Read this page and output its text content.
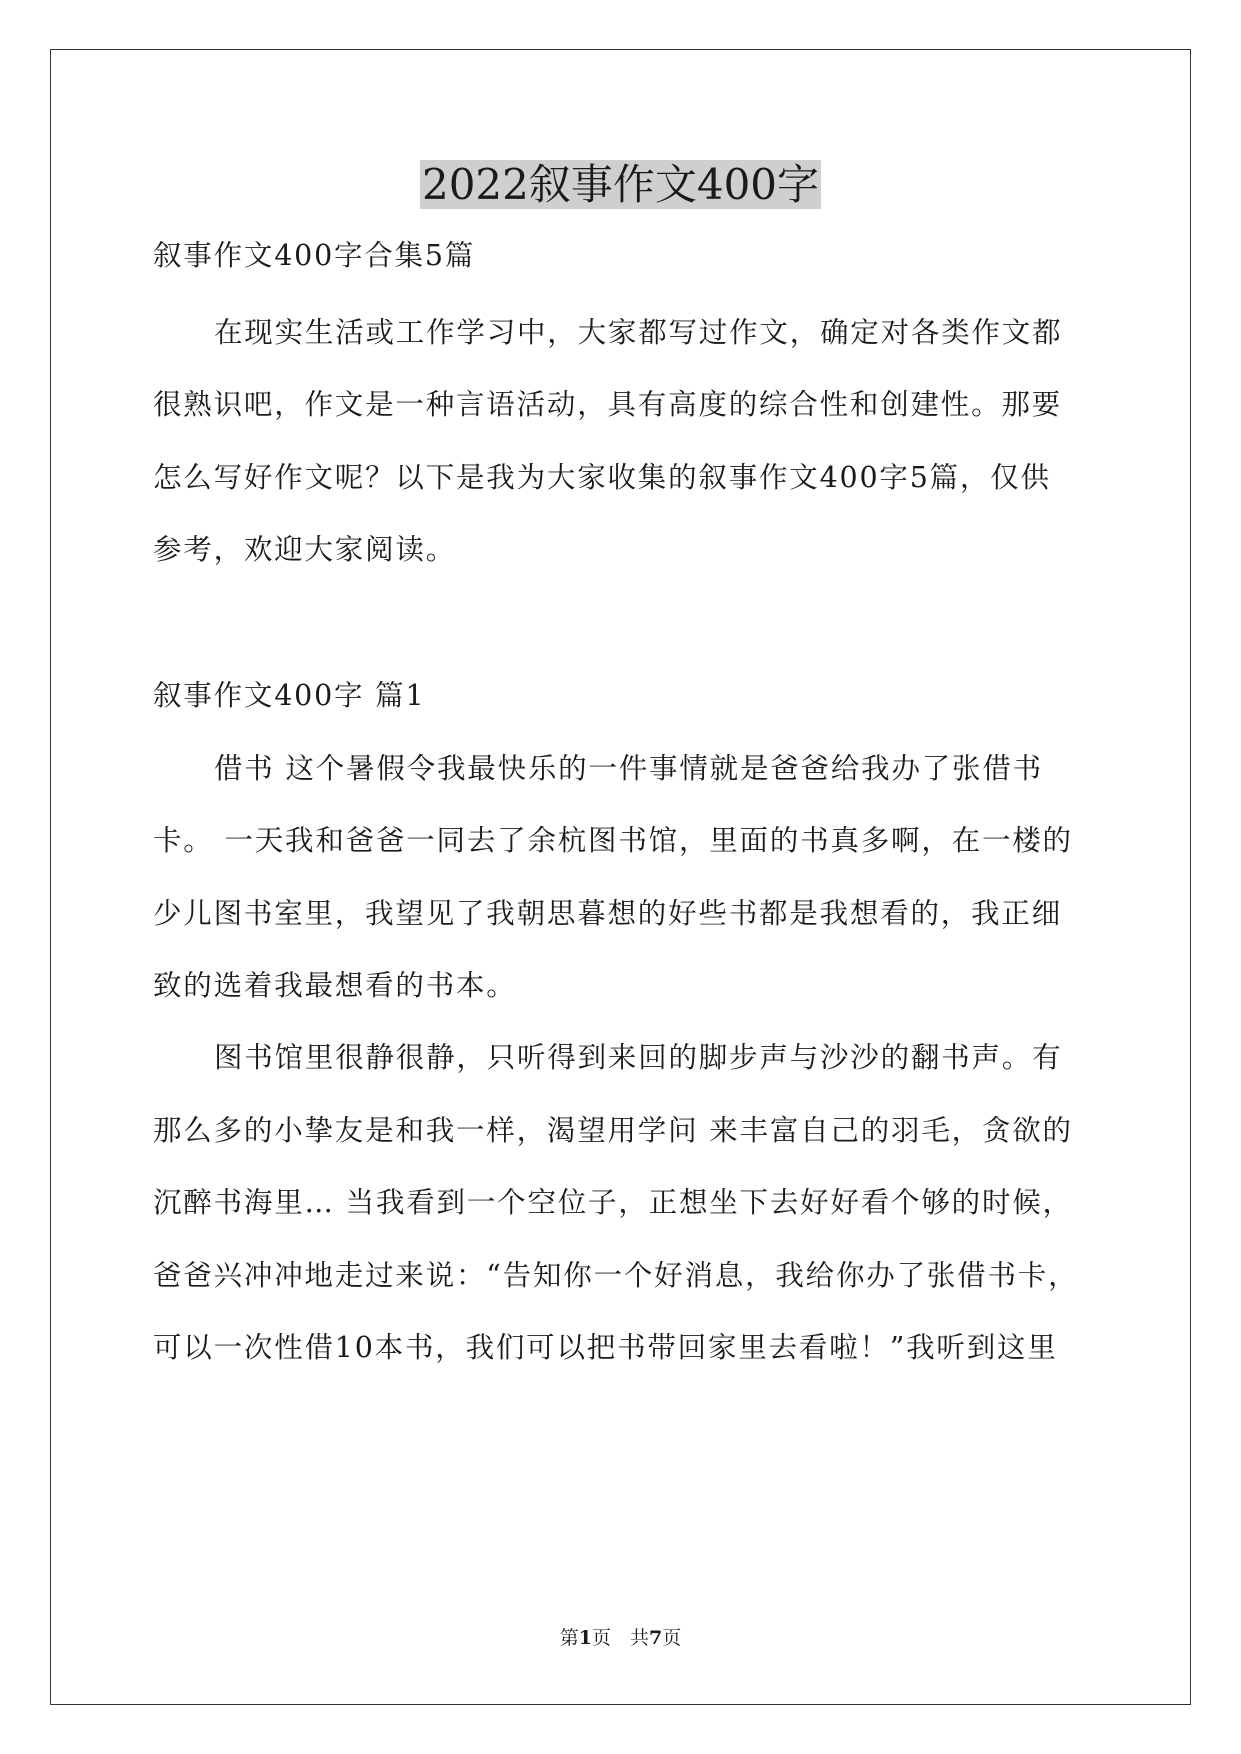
2022叙事作文400字

叙事作文400字合集5篇

在现实生活或工作学习中，大家都写过作文，确定对各类作文都

很熟识吧，作文是一种言语活动，具有高度的综合性和创建性。那要

怎么写好作文呢？以下是我为大家收集的叙事作文400字5篇，仅供

参考，欢迎大家阅读。

叙事作文400字 篇1

借书 这个暑假令我最快乐的一件事情就是爸爸给我办了张借书

卡。 一天我和爸爸一同去了余杭图书馆，里面的书真多啊，在一楼的

少儿图书室里，我望见了我朝思暮想的好些书都是我想看的，我正细

致的选着我最想看的书本。

图书馆里很静很静，只听得到来回的脚步声与沙沙的翻书声。有

那么多的小挚友是和我一样，渴望用学问 来丰富自己的羽毛，贪欲的

沉醉书海里… 当我看到一个空位子，正想坐下去好好看个够的时候，

爸爸兴冲冲地走过来说：“告知你一个好消息，我给你办了张借书卡，

可以一次性借10本书，我们可以把书带回家里去看啦！”我听到这里

第1页　共7页
